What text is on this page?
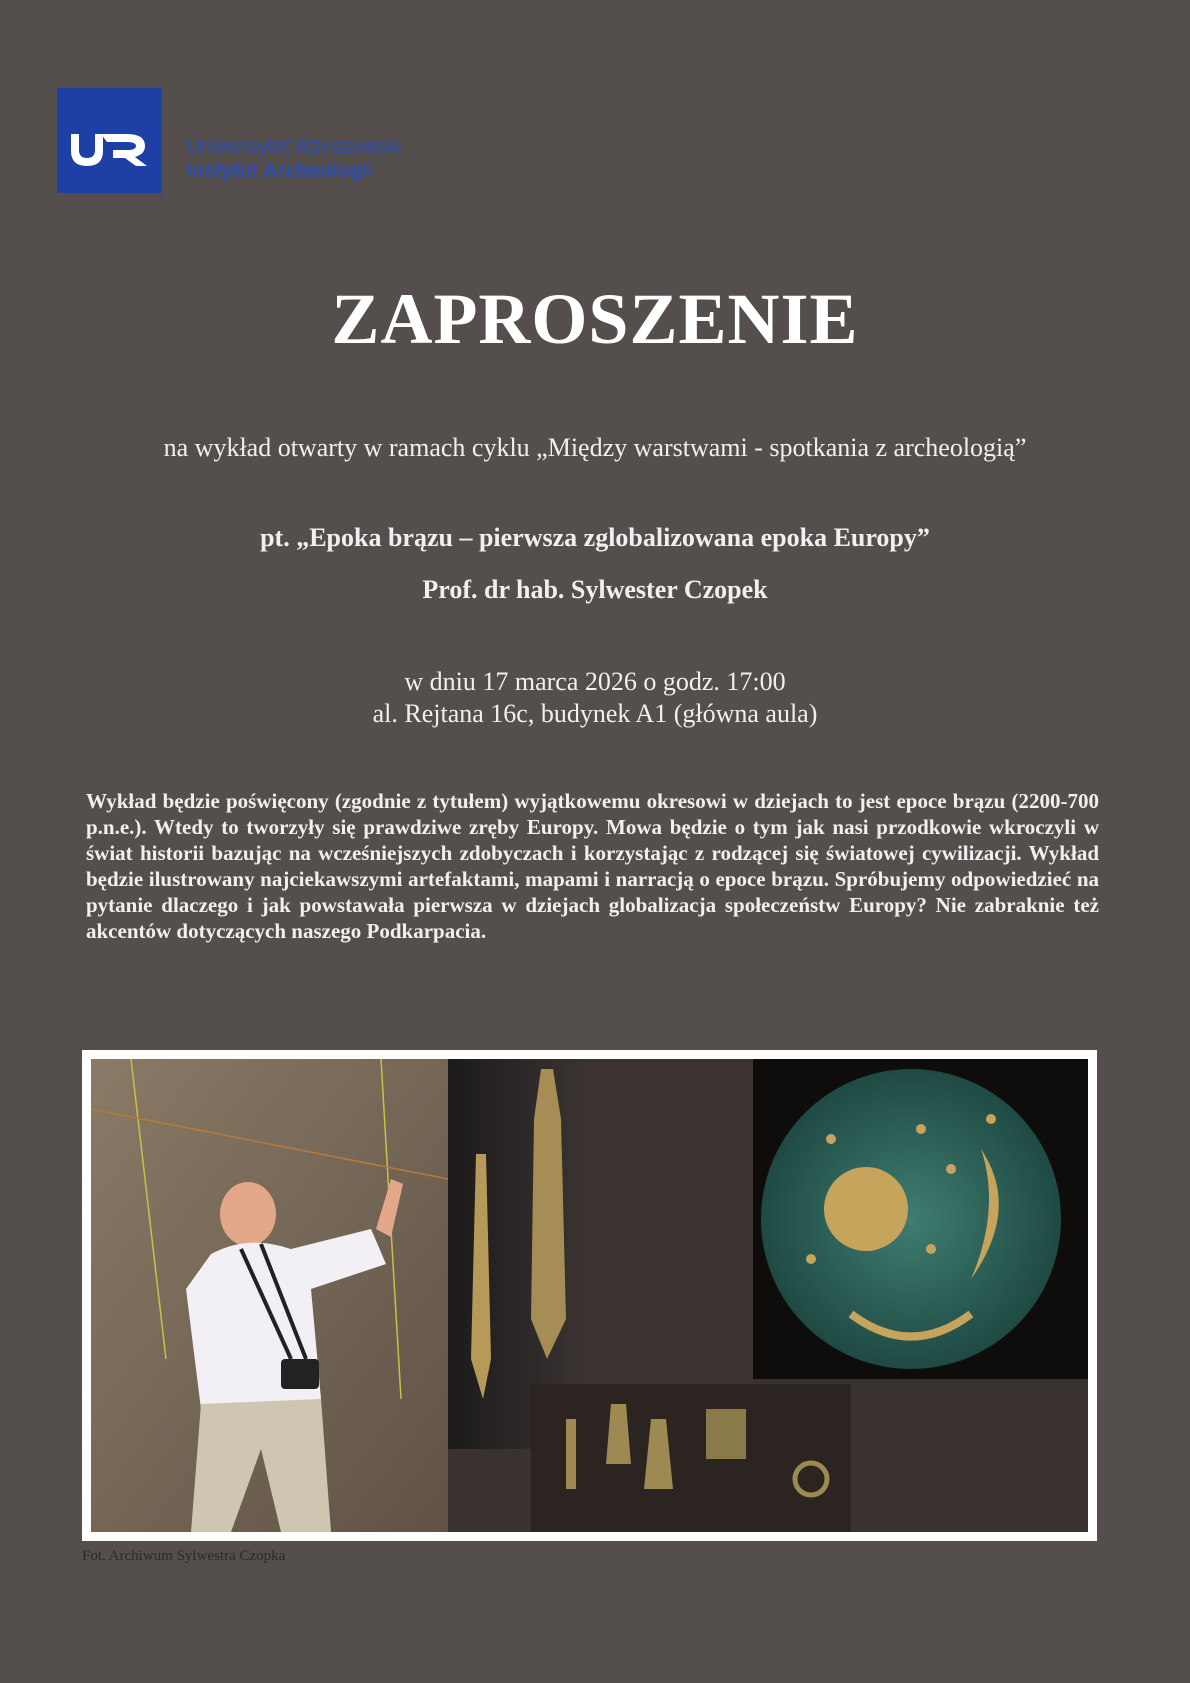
Uniwersytet Rzeszowski
Instytut Archeologii
ZAPROSZENIE
na wykład otwarty w ramach cyklu „Między warstwami - spotkania z archeologią”
pt. „Epoka brązu – pierwsza zglobalizowana epoka Europy”
Prof. dr hab. Sylwester Czopek
w dniu 17 marca 2026 o godz. 17:00
al. Rejtana 16c, budynek A1 (główna aula)
Wykład będzie poświęcony (zgodnie z tytułem) wyjątkowemu okresowi w dziejach to jest epoce brązu (2200-700 p.n.e.). Wtedy to tworzyły się prawdziwe zręby Europy. Mowa będzie o tym jak nasi przodkowie wkroczyli w świat historii bazując na wcześniejszych zdobyczach i korzystając z rodzącej się światowej cywilizacji. Wykład będzie ilustrowany najciekawszymi artefaktami, mapami i narracją o epoce brązu. Spróbujemy odpowiedzieć na pytanie dlaczego i jak powstawała pierwsza w dziejach globalizacja społeczeństw Europy? Nie zabraknie też akcentów dotyczących naszego Podkarpacia.
Fot. Archiwum Sylwestra Czopka
